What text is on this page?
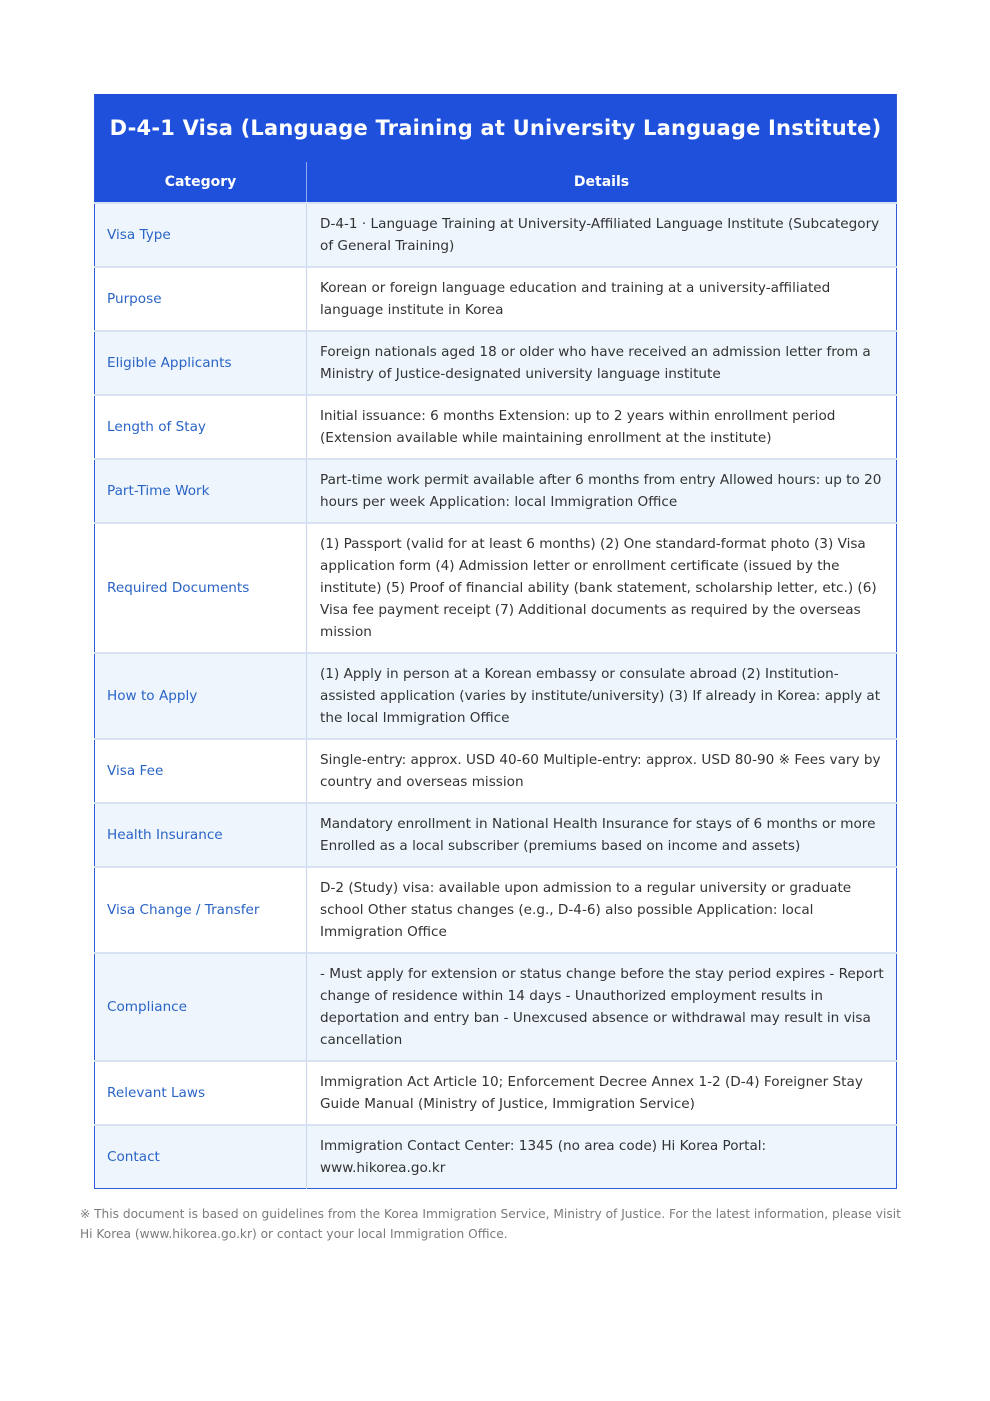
D-4-1 Visa (Language Training at University Language Institute)	
Category	Details
Visa Type	D-4-1 · Language Training at University-Affiliated Language Institute (Subcategory of General Training)
Purpose	Korean or foreign language education and training at a university-affiliated language institute in Korea
Eligible Applicants	Foreign nationals aged 18 or older who have received an admission letter from a Ministry of Justice-designated university language institute
Length of Stay	Initial issuance: 6 months Extension: up to 2 years within enrollment period (Extension available while maintaining enrollment at the institute)
Part-Time Work	Part-time work permit available after 6 months from entry Allowed hours: up to 20 hours per week Application: local Immigration Office
Required Documents	(1) Passport (valid for at least 6 months) (2) One standard-format photo (3) Visa application form (4) Admission letter or enrollment certificate (issued by the institute) (5) Proof of financial ability (bank statement, scholarship letter, etc.) (6) Visa fee payment receipt (7) Additional documents as required by the overseas mission
How to Apply	(1) Apply in person at a Korean embassy or consulate abroad (2) Institution-assisted application (varies by institute/university) (3) If already in Korea: apply at the local Immigration Office
Visa Fee	Single-entry: approx. USD 40-60 Multiple-entry: approx. USD 80-90 ※ Fees vary by country and overseas mission
Health Insurance	Mandatory enrollment in National Health Insurance for stays of 6 months or more Enrolled as a local subscriber (premiums based on income and assets)
Visa Change / Transfer	D-2 (Study) visa: available upon admission to a regular university or graduate school Other status changes (e.g., D-4-6) also possible Application: local Immigration Office
Compliance	- Must apply for extension or status change before the stay period expires - Report change of residence within 14 days - Unauthorized employment results in deportation and entry ban - Unexcused absence or withdrawal may result in visa cancellation
Relevant Laws	Immigration Act Article 10; Enforcement Decree Annex 1-2 (D-4) Foreigner Stay Guide Manual (Ministry of Justice, Immigration Service)
Contact	Immigration Contact Center: 1345 (no area code) Hi Korea Portal: www.hikorea.go.kr

※ This document is based on guidelines from the Korea Immigration Service, Ministry of Justice. For the latest information, please visit Hi Korea (www.hikorea.go.kr) or contact your local Immigration Office.
